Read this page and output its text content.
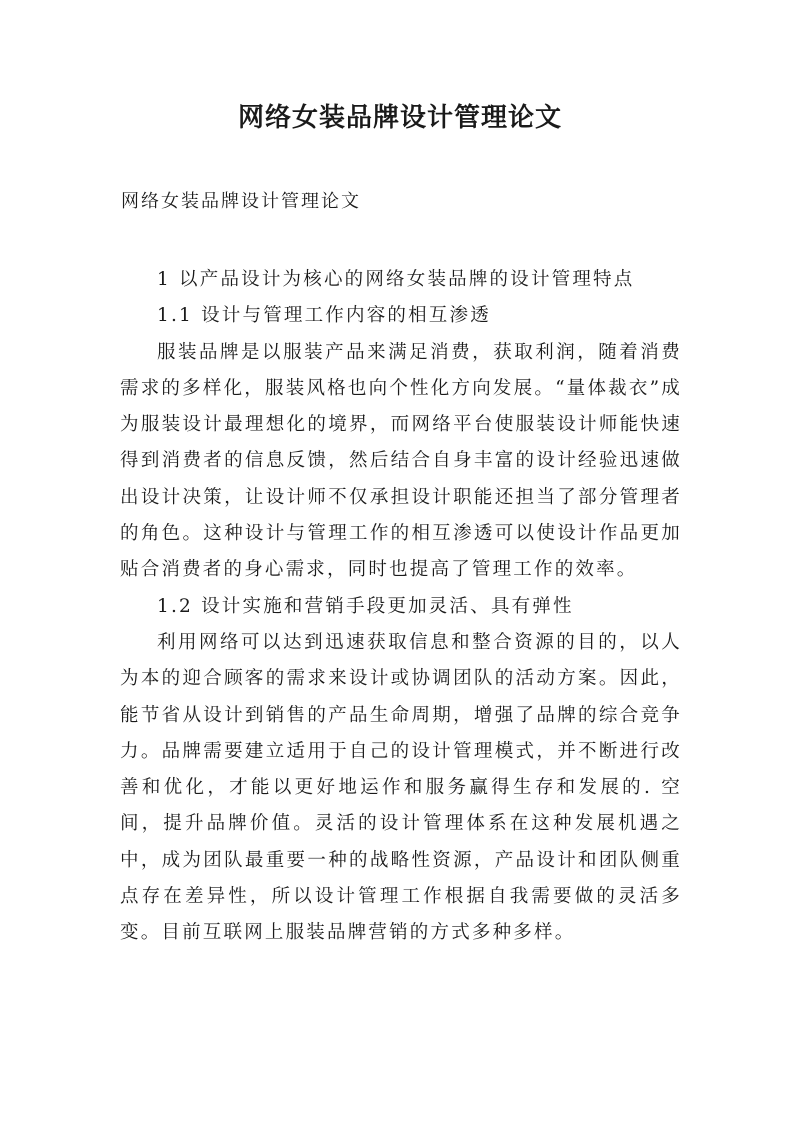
网络女装品牌设计管理论文

网络女装品牌设计管理论文

1 以产品设计为核心的网络女装品牌的设计管理特点

1.1 设计与管理工作内容的相互渗透

服装品牌是以服装产品来满足消费，获取利润，随着消费需求的多样化，服装风格也向个性化方向发展。“量体裁衣”成为服装设计最理想化的境界，而网络平台使服装设计师能快速得到消费者的信息反馈，然后结合自身丰富的设计经验迅速做出设计决策，让设计师不仅承担设计职能还担当了部分管理者的角色。这种设计与管理工作的相互渗透可以使设计作品更加贴合消费者的身心需求，同时也提高了管理工作的效率。

1.2 设计实施和营销手段更加灵活、具有弹性

利用网络可以达到迅速获取信息和整合资源的目的，以人为本的迎合顾客的需求来设计或协调团队的活动方案。因此，能节省从设计到销售的产品生命周期，增强了品牌的综合竞争力。品牌需要建立适用于自己的设计管理模式，并不断进行改善和优化，才能以更好地运作和服务赢得生存和发展的. 空间，提升品牌价值。灵活的设计管理体系在这种发展机遇之中，成为团队最重要一种的战略性资源，产品设计和团队侧重点存在差异性，所以设计管理工作根据自我需要做的灵活多变。目前互联网上服装品牌营销的方式多种多样。
